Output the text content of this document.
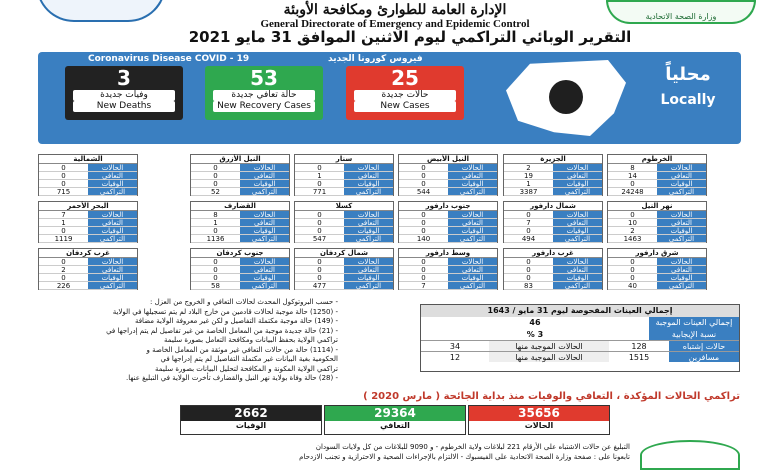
الإدارة العامة للطوارئ ومكافحة الأوبئة
General Directorate of Emergency and Epidemic Control
وزارة الصحة الاتحادية
التقرير الوبائي التراكمي ليوم الاثنين الموافق 31 مايو 2021
Coronavirus Disease COVID - 19	فيروس كورونا الجديد
3
وفيات جديدة
New Deaths
53
حالة تعافي جديدة
New Recovery Cases
25
حالات جديدة
New Cases
محلياً
Locally
الخرطوم
8	الحالات
14	التعافي
0	الوفيات
24248	التراكمي
الجزيرة
2	الحالات
19	التعافي
1	الوفيات
3387	التراكمي
النيل الأبيض
0	الحالات
0	التعافي
0	الوفيات
544	التراكمي
سنار
0	الحالات
1	التعافي
0	الوفيات
771	التراكمي
النيل الأزرق
0	الحالات
0	التعافي
0	الوفيات
52	التراكمي
الشمالية
0	الحالات
0	التعافي
0	الوفيات
715	التراكمي
نهر النيل
0	الحالات
10	التعافي
2	الوفيات
1463	التراكمي
شمال دارفور
0	الحالات
7	التعافي
0	الوفيات
494	التراكمي
جنوب دارفور
0	الحالات
0	التعافي
0	الوفيات
140	التراكمي
كسلا
0	الحالات
0	التعافي
0	الوفيات
547	التراكمي
القضارف
8	الحالات
1	التعافي
0	الوفيات
1136	التراكمي
البحر الأحمر
7	الحالات
1	التعافي
0	الوفيات
1119	التراكمي
شرق دارفور
0	الحالات
0	التعافي
0	الوفيات
40	التراكمي
غرب دارفور
0	الحالات
0	التعافي
0	الوفيات
83	التراكمي
وسط دارفور
0	الحالات
0	التعافي
0	الوفيات
7	التراكمي
شمال كردفان
0	الحالات
0	التعافي
0	الوفيات
477	التراكمي
جنوب كردفان
0	الحالات
0	التعافي
0	الوفيات
58	التراكمي
غرب كردفان
0	الحالات
2	التعافي
0	الوفيات
226	التراكمي
- حسب البروتوكول المحدث لحالات التعافي و الخروج من العزل :
- (1250) حالة موجبة لحالات قادمين من خارج البلاد لم يتم تسجيلها في الولاية
- (149) حالة موجبة مكتملة التفاصيل و لكن غير معروفة الولاية مضافة
- (21) حالة جديدة موجبة من المعامل الخاصة من غير تفاصيل لم يتم إدراجها في
تراكمي الولاية بحفظ البيانات ومكافحة التعامل بصورة سليمة
- (1114) حالة من حالات التعافي غير موثقة من المعامل الخاصة و
الحكومية بغية البيانات غير مكتملة التفاصيل لم يتم إدراجها في
تراكمي الولاية المكونة و المكافحة لتحليل البيانات بصورة سليمة
- (28) حالة وفاة بولاية نهر النيل والقضارف تأخرت الولاية في التبليغ عنها.
إجمالي العينات المفحوصة ليوم 31 مايو / 1643
إجمالي العينات الموجبة
46
نسبة الإيجابية
3 %
حالات إشتباه
128
الحالات الموجبة منها
34
مسافرين
1515
الحالات الموجبة منها
12
تراكمي الحالات المؤكدة ، التعافي والوفيات منذ بداية الجائحة ( مارس 2020 )
2662
الوفيات
29364
التعافي
35656
الحالات
التبليغ عن حالات الاشتباه على الأرقام 221 لبلاغات ولاية الخرطوم - و 9090 للبلاغات من كل ولايات السودان
تابعونا على : صفحة وزارة الصحة الاتحادية على الفيسبوك - الالتزام بالإجراءات الصحية و الاحترازية و تجنب الازدحام
